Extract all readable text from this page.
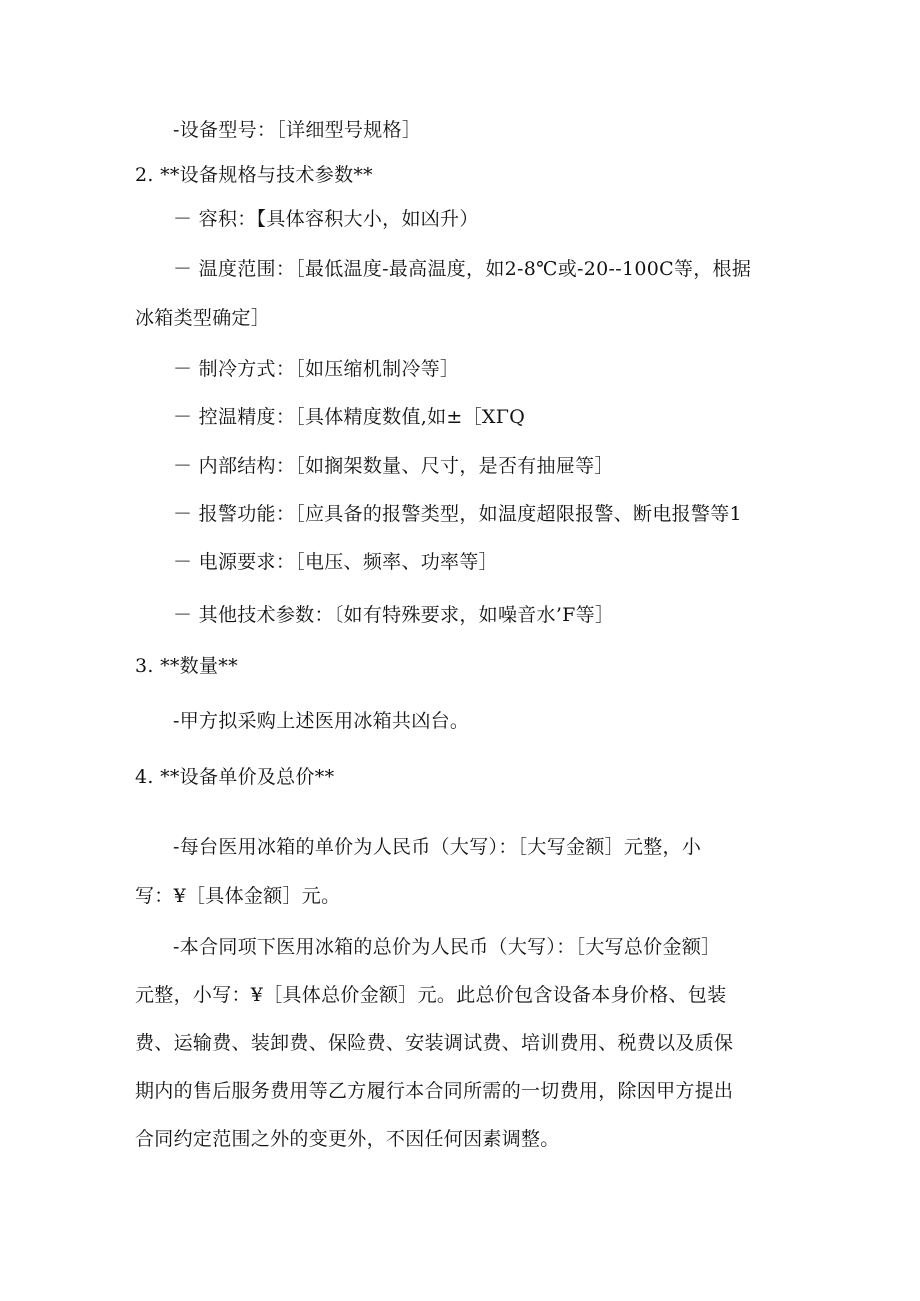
-设备型号：［详细型号规格］
2. **设备规格与技术参数**
－ 容积：【具体容积大小，如凶升）
－ 温度范围：［最低温度-最高温度，如2-8℃或-20--100C等，根据
冰箱类型确定］
－ 制冷方式：［如压缩机制冷等］
－ 控温精度：［具体精度数值,如±［XΓQ
－ 内部结构：［如搁架数量、尺寸，是否有抽屉等］
－ 报警功能：［应具备的报警类型，如温度超限报警、断电报警等1
－ 电源要求：［电压、频率、功率等］
－ 其他技术参数：〔如有特殊要求，如噪音水’F等］
3. **数量**
-甲方拟采购上述医用冰箱共凶台。
4. **设备单价及总价**
-每台医用冰箱的单价为人民币（大写）：［大写金额］元整，小
写：¥［具体金额］元。
-本合同项下医用冰箱的总价为人民币（大写）：［大写总价金额］
元整，小写：¥［具体总价金额］元。此总价包含设备本身价格、包装
费、运输费、装卸费、保险费、安装调试费、培训费用、税费以及质保
期内的售后服务费用等乙方履行本合同所需的一切费用，除因甲方提出
合同约定范围之外的变更外，不因任何因素调整。
